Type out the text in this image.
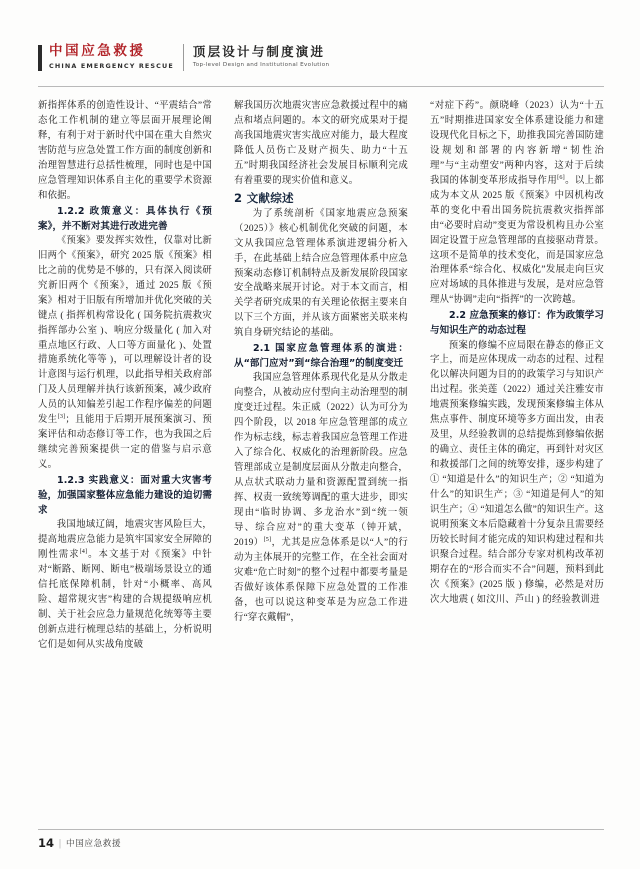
中国应急救援
CHINA EMERGENCY RESCUE
顶层设计与制度演进
Top-level Design and Institutional Evolution

新指挥体系的创造性设计、“平震结合”常态化工作机制的建立等层面开展理论阐释，有利于对于新时代中国在重大自然灾害防范与应急处置工作方面的制度创新和治理智慧进行总括性梳理，同时也是中国应急管理知识体系自主化的重要学术资源和依据。

1.2.2 政策意义：具体执行《预案》，并不断对其进行改进完善

《预案》要发挥实效性，仅靠对比新旧两个《预案》，研究 2025 版《预案》相比之前的优势是不够的，只有深入阅读研究新旧两个《预案》，通过 2025 版《预案》相对于旧版有所增加并优化突破的关键点 ( 指挥机构常设化 ( 国务院抗震救灾指挥部办公室 )、响应分级量化 ( 加入对重点地区行政、人口等方面量化 )、处置措施系统化等等 )，可以理解设计者的设计意图与运行机理，以此指导相关政府部门及人员理解并执行该新预案，减少政府人员的认知偏差引起工作程序偏差的问题发生[3]；且能用于后期开展预案演习、预案评估和动态修订等工作，也为我国之后继续完善预案提供一定的借鉴与启示意义。

1.2.3 实践意义：面对重大灾害考验，加强国家整体应急能力建设的迫切需求

我国地域辽阔，地震灾害风险巨大，提高地震应急能力是筑牢国家安全屏障的刚性需求[4]。本文基于对《预案》中针对“断路、断网、断电”极端场景设立的通信托底保障机制，针对“小概率、高风险、超常规灾害”构建的合规提级响应机制、关于社会应急力量规范化统筹等主要创新点进行梳理总结的基础上，分析说明它们是如何从实战角度破

解我国历次地震灾害应急救援过程中的痛点和堵点问题的。本文的研究成果对于提高我国地震灾害实战应对能力，最大程度降低人员伤亡及财产损失、助力“十五五”时期我国经济社会发展目标顺利完成有着重要的现实价值和意义。

2 文献综述

为了系统剖析《国家地震应急预案（2025）》核心机制优化突破的问题，本文从我国应急管理体系演进逻辑分析入手，在此基础上结合应急管理体系中应急预案动态修订机制特点及新发展阶段国家安全战略来展开讨论。对于本文而言，相关学者研究成果的有关理论依据主要来自以下三个方面，并从该方面紧密关联来构筑自身研究结论的基础。

2.1 国家应急管理体系的演进：从“部门应对”到“综合治理”的制度变迁

我国应急管理体系现代化是从分散走向整合，从被动应付型向主动治理型的制度变迁过程。朱正威（2022）认为可分为四个阶段，以 2018 年应急管理部的成立作为标志线，标志着我国应急管理工作进入了综合化、权威化的治理新阶段。应急管理部成立是制度层面从分散走向整合，从点状式联动力量和资源配置到统一指挥、权责一致统筹调配的重大进步，即实现由“临时协调、多龙治水”到“统一领导、综合应对”的重大变革（钟开斌，2019）[5]，尤其是应急体系是以“人”的行动为主体展开的完整工作，在全社会面对灾难“危亡时刻”的整个过程中都要考量是否做好该体系保障下应急处置的工作准备，也可以说这种变革是为应急工作进行“穿衣戴帽”，

“对症下药”。颜晓峰（2023）认为“十五五”时期推进国家安全体系建设能力和建设现代化目标之下，助推我国完善国防建设规划和部署的内容新增“韧性治理”与“主动塑安”两种内容，这对于后续我国的体制变革形成指导作用[6]。以上都成为本文从 2025 版《预案》中因机构改革的变化中看出国务院抗震救灾指挥部由“必要时启动”变更为常设机构且办公室固定设置于应急管理部的直接驱动背景。这项不是简单的技术变化，而是国家应急治理体系“综合化、权威化”发展走向巨灾应对场域的具体推进与发展，是对应急管理从“协调”走向“指挥”的一次跨越。

2.2 应急预案的修订：作为政策学习与知识生产的动态过程

预案的修编不应局限在静态的修正文字上，而是应体现成一动态的过程、过程化以解决问题为目的的政策学习与知识产出过程。张美莲（2022）通过关注雅安市地震预案修编实践，发现预案修编主体从焦点事件、制度环境等多方面出发，由表及里，从经验教训的总结提炼到修编依据的确立、责任主体的确定，再到针对灾区和救援部门之间的统筹安排，逐步构建了① “知道是什么”的知识生产；② “知道为什么”的知识生产；③ “知道是何人”的知识生产；④ “知道怎么做”的知识生产。这说明预案文本后隐藏着十分复杂且需要经历较长时间才能完成的知识构建过程和共识聚合过程。结合部分专家对机构改革初期存在的“形合而实不合”问题，预料到此次《预案》(2025 版 ) 修编，必然是对历次大地震 ( 如汶川、芦山 ) 的经验教训进

14 | 中国应急救援
